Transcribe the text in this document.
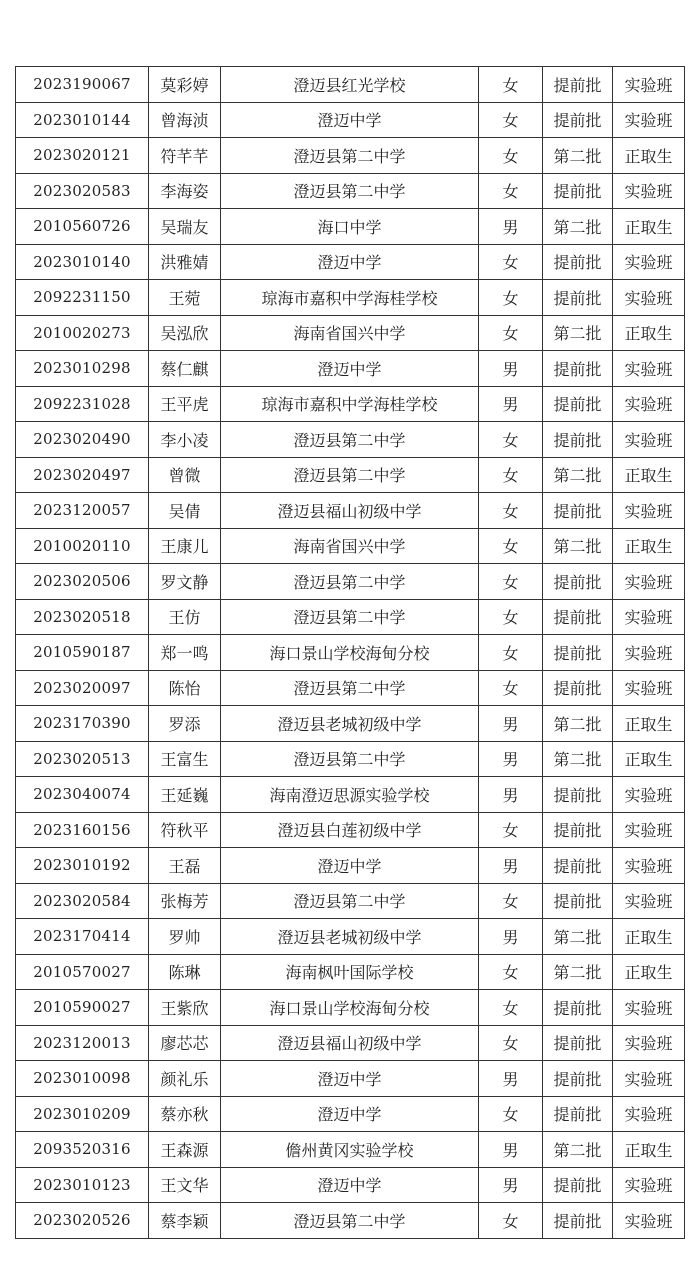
2023190067	莫彩婷	澄迈县红光学校	女	提前批	实验班
2023010144	曾海浈	澄迈中学	女	提前批	实验班
2023020121	符芊芊	澄迈县第二中学	女	第二批	正取生
2023020583	李海姿	澄迈县第二中学	女	提前批	实验班
2010560726	吴瑞友	海口中学	男	第二批	正取生
2023010140	洪雅婧	澄迈中学	女	提前批	实验班
2092231150	王菀	琼海市嘉积中学海桂学校	女	提前批	实验班
2010020273	吴泓欣	海南省国兴中学	女	第二批	正取生
2023010298	蔡仁麒	澄迈中学	男	提前批	实验班
2092231028	王平虎	琼海市嘉积中学海桂学校	男	提前批	实验班
2023020490	李小凌	澄迈县第二中学	女	提前批	实验班
2023020497	曾微	澄迈县第二中学	女	第二批	正取生
2023120057	吴倩	澄迈县福山初级中学	女	提前批	实验班
2010020110	王康儿	海南省国兴中学	女	第二批	正取生
2023020506	罗文静	澄迈县第二中学	女	提前批	实验班
2023020518	王仿	澄迈县第二中学	女	提前批	实验班
2010590187	郑一鸣	海口景山学校海甸分校	女	提前批	实验班
2023020097	陈怡	澄迈县第二中学	女	提前批	实验班
2023170390	罗添	澄迈县老城初级中学	男	第二批	正取生
2023020513	王富生	澄迈县第二中学	男	第二批	正取生
2023040074	王延巍	海南澄迈思源实验学校	男	提前批	实验班
2023160156	符秋平	澄迈县白莲初级中学	女	提前批	实验班
2023010192	王磊	澄迈中学	男	提前批	实验班
2023020584	张梅芳	澄迈县第二中学	女	提前批	实验班
2023170414	罗帅	澄迈县老城初级中学	男	第二批	正取生
2010570027	陈琳	海南枫叶国际学校	女	第二批	正取生
2010590027	王紫欣	海口景山学校海甸分校	女	提前批	实验班
2023120013	廖芯芯	澄迈县福山初级中学	女	提前批	实验班
2023010098	颜礼乐	澄迈中学	男	提前批	实验班
2023010209	蔡亦秋	澄迈中学	女	提前批	实验班
2093520316	王森源	儋州黄冈实验学校	男	第二批	正取生
2023010123	王文华	澄迈中学	男	提前批	实验班
2023020526	蔡李颖	澄迈县第二中学	女	提前批	实验班
